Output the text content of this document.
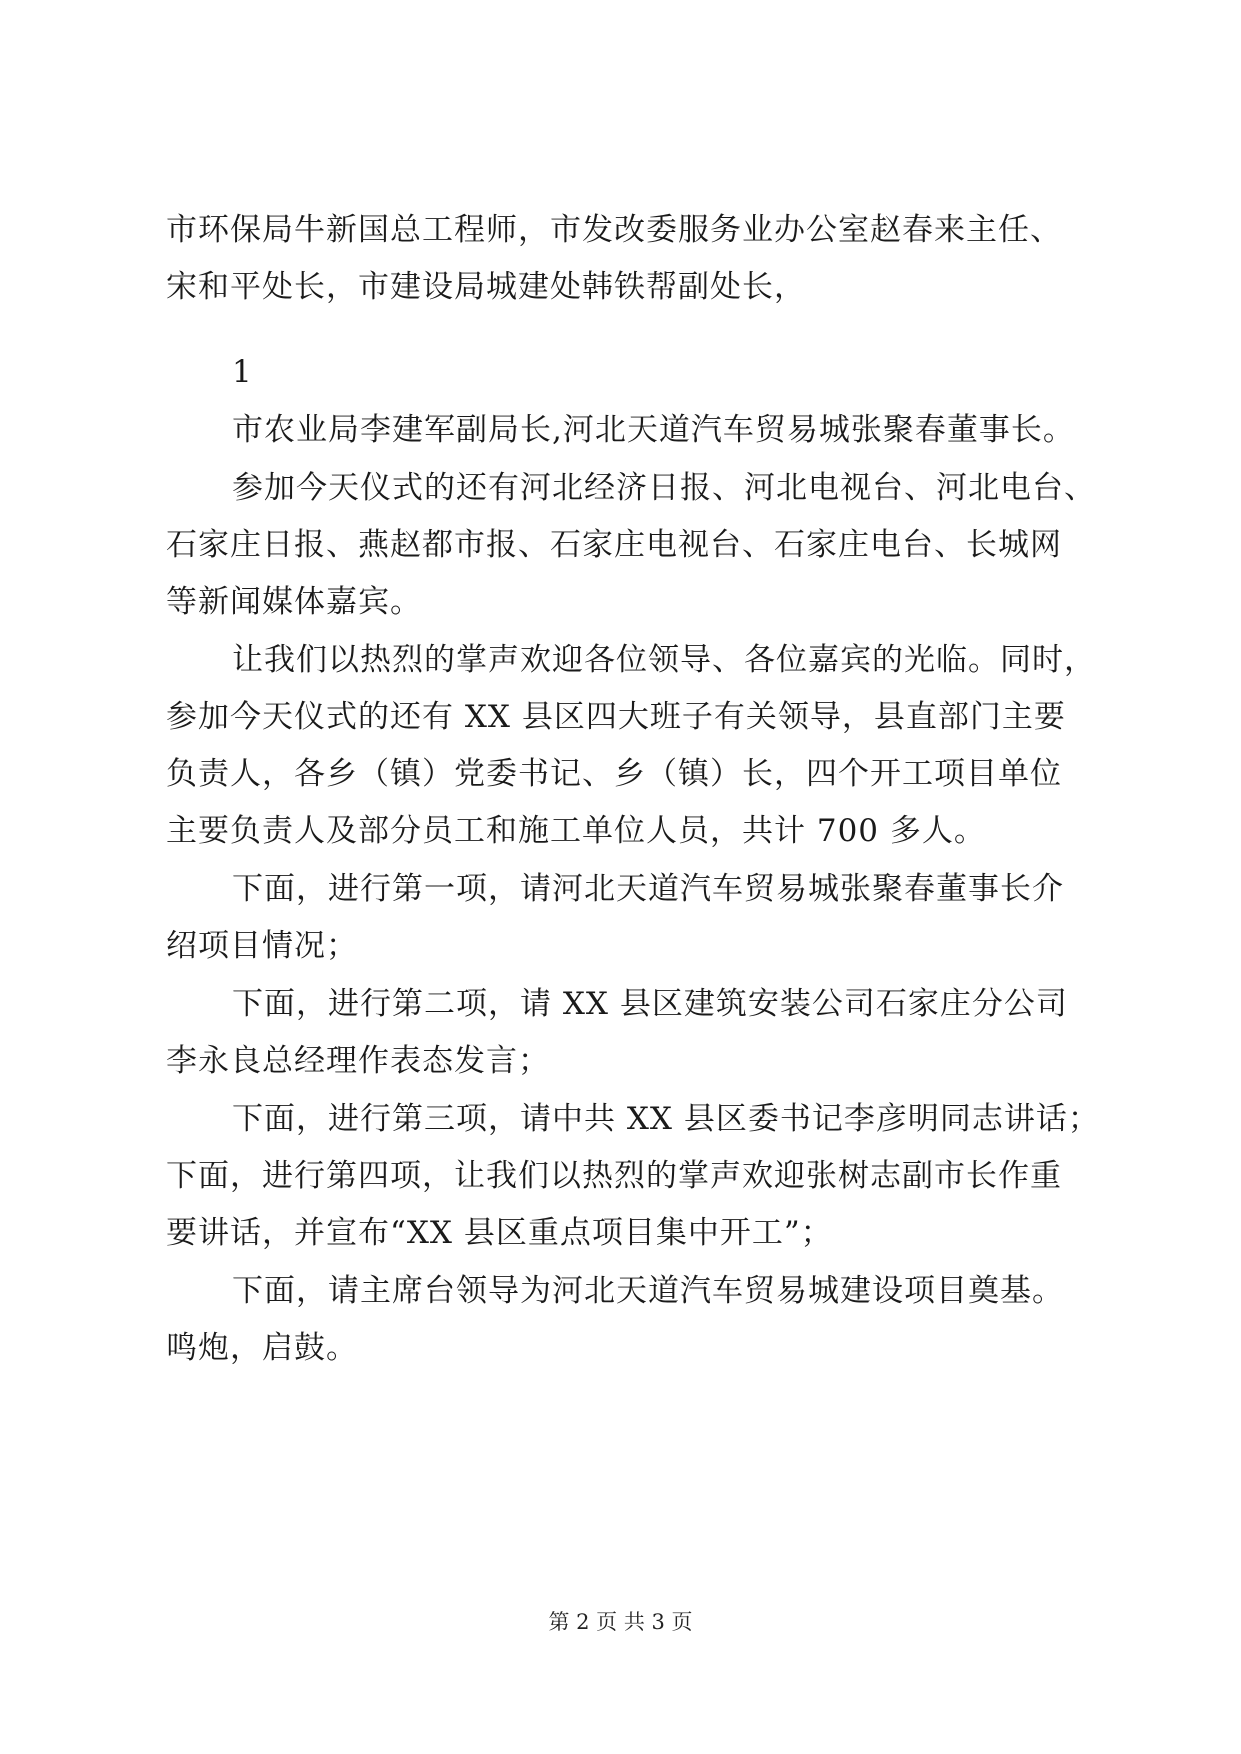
市环保局牛新国总工程师，市发改委服务业办公室赵春来主任、
宋和平处长，市建设局城建处韩铁帮副处长，
1
市农业局李建军副局长,河北天道汽车贸易城张聚春董事长。
参加今天仪式的还有河北经济日报、河北电视台、河北电台、
石家庄日报、燕赵都市报、石家庄电视台、石家庄电台、长城网
等新闻媒体嘉宾。
让我们以热烈的掌声欢迎各位领导、各位嘉宾的光临。同时，
参加今天仪式的还有 XX 县区四大班子有关领导，县直部门主要
负责人，各乡（镇）党委书记、乡（镇）长，四个开工项目单位
主要负责人及部分员工和施工单位人员，共计 700 多人。
下面，进行第一项，请河北天道汽车贸易城张聚春董事长介
绍项目情况；
下面，进行第二项，请 XX 县区建筑安装公司石家庄分公司
李永良总经理作表态发言；
下面，进行第三项，请中共 XX 县区委书记李彦明同志讲话；
下面，进行第四项，让我们以热烈的掌声欢迎张树志副市长作重
要讲话，并宣布“XX 县区重点项目集中开工”；
下面，请主席台领导为河北天道汽车贸易城建设项目奠基。
鸣炮，启鼓。
第 2 页 共 3 页
